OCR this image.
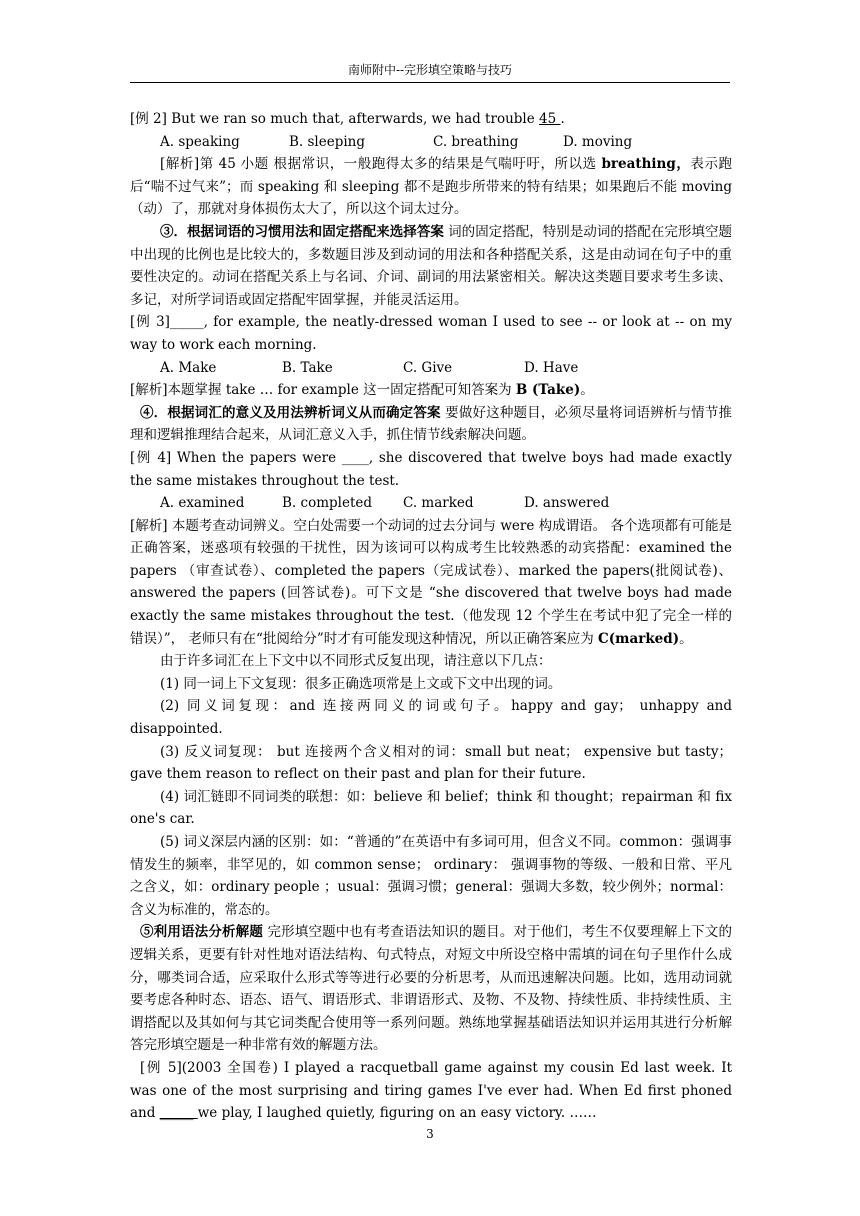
南师附中--完形填空策略与技巧

[例 2] But we ran so much that, afterwards, we had trouble 45 .

A. speaking	B. sleeping	C. breathing	D. moving

[解析]第 45 小题 根据常识，一般跑得太多的结果是气喘吁吁，所以选 breathing，表示跑后“喘不过气来”；而 speaking 和 sleeping 都不是跑步所带来的特有结果；如果跑后不能 moving（动）了，那就对身体损伤太大了，所以这个词太过分。

③．根据词语的习惯用法和固定搭配来选择答案 词的固定搭配，特别是动词的搭配在完形填空题中出现的比例也是比较大的，多数题目涉及到动词的用法和各种搭配关系，这是由动词在句子中的重要性决定的。动词在搭配关系上与名词、介词、副词的用法紧密相关。解决这类题目要求考生多读、多记，对所学词语或固定搭配牢固掌握，并能灵活运用。

[例 3]_____, for example, the neatly-dressed woman I used to see -- or look at -- on my way to work each morning.

A. Make	B. Take	C. Give	D. Have

[解析]本题掌握 take … for example 这一固定搭配可知答案为 B (Take)。

④．根据词汇的意义及用法辨析词义从而确定答案 要做好这种题目，必须尽量将词语辨析与情节推理和逻辑推理结合起来，从词汇意义入手，抓住情节线索解决问题。

[例 4] When the papers were ____, she discovered that twelve boys had made exactly the same mistakes throughout the test.

A. examined	B. completed C. marked	D. answered

[解析] 本题考查动词辨义。空白处需要一个动词的过去分词与 were 构成谓语。 各个选项都有可能是正确答案，迷惑项有较强的干扰性，因为该词可以构成考生比较熟悉的动宾搭配：examined the papers （审查试卷）、completed the papers（完成试卷）、marked the papers(批阅试卷)、answered the papers (回答试卷)。可下文是 “she discovered that twelve boys had made exactly the same mistakes throughout the test.（他发现 12 个学生在考试中犯了完全一样的错误）”， 老师只有在“批阅给分”时才有可能发现这种情况，所以正确答案应为 C(marked)。

由于许多词汇在上下文中以不同形式反复出现，请注意以下几点：

(1) 同一词上下文复现：很多正确选项常是上文或下文中出现的词。

(2) 同义词复现：and 连接两同义的词或句子。happy and gay； unhappy and disappointed.

(3) 反义词复现： but 连接两个含义相对的词：small but neat； expensive but tasty； gave them reason to reflect on their past and plan for their future.

(4) 词汇链即不同词类的联想：如：believe 和 belief；think 和 thought；repairman 和 fix one's car.

(5) 词义深层内涵的区别：如：“普通的”在英语中有多词可用，但含义不同。common：强调事情发生的频率，非罕见的，如 common sense； ordinary： 强调事物的等级、一般和日常、平凡之含义，如：ordinary people ；usual：强调习惯；general：强调大多数，较少例外；normal：含义为标准的，常态的。

⑤利用语法分析解题 完形填空题中也有考查语法知识的题目。对于他们，考生不仅要理解上下文的逻辑关系，更要有针对性地对语法结构、句式特点，对短文中所设空格中需填的词在句子里作什么成分，哪类词合适，应采取什么形式等等进行必要的分析思考，从而迅速解决问题。比如，选用动词就要考虑各种时态、语态、语气、谓语形式、非谓语形式、及物、不及物、持续性质、非持续性质、主谓搭配以及其如何与其它词类配合使用等一系列问题。熟练地掌握基础语法知识并运用其进行分析解答完形填空题是一种非常有效的解题方法。

[例 5](2003 全国卷) I played a racquetball game against my cousin Ed last week. It was one of the most surprising and tiring games I've ever had. When Ed first phoned and _____ we play, I laughed quietly, figuring on an easy victory. ……

3
